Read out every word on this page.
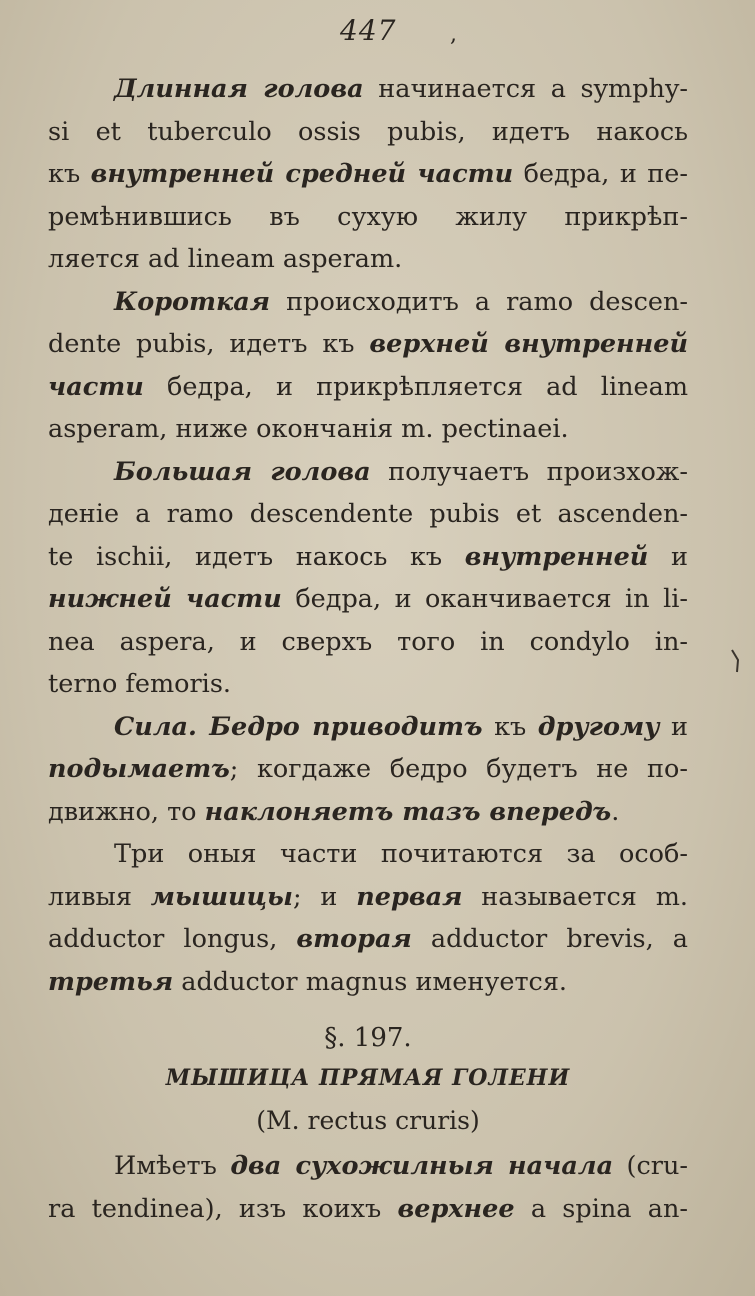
447 ,
Длинная голова начинается а symphy-
si et tuberculo ossis pubis, идетъ накось
къ внутренней средней части бедра, и пе-
ремѣнившись въ сухую жилу прикрѣп-
ляется ad lineam asperam.
Короткая происходитъ а ramo descen-
dente pubis, идетъ къ верхней внутренней
части бедра, и прикрѣпляется ad lineam
asperam, ниже окончанія m. pectinaei.
Большая голова получаетъ произхож-
деніе a ramo descendente pubis et ascenden-
te ischii, идетъ накось къ внутренней и
нижней части бедра, и оканчивается in li-
nea aspera, и сверхъ того in condylo in-
terno femoris.
Сила. Бедро приводитъ къ другому и
подымаетъ; когдаже бедро будетъ не по-
движно, то наклоняетъ тазъ впередъ.
Три оныя части почитаются за особ-
ливыя мышицы; и первая называется m.
adductor longus, вторая adductor brevis, а
третья adductor magnus именуется.
§. 197.
МЫШИЦА ПРЯМАЯ ГОЛЕНИ
(M. rectus cruris)
Имѣетъ два сухожилныя начала (cru-
ra tendinea), изъ коихъ верхнее а spina an-
